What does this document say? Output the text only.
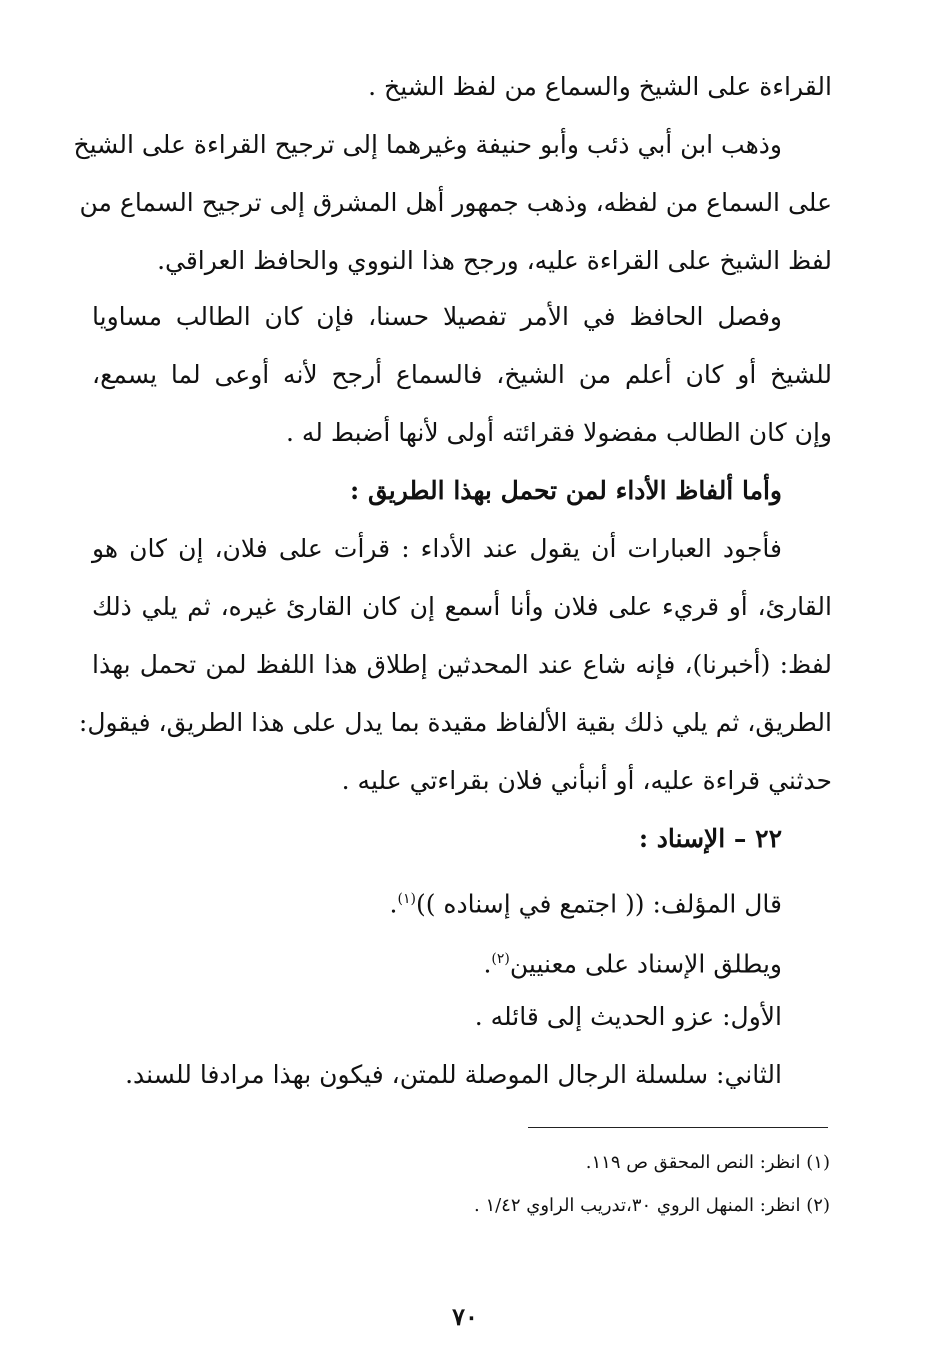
القراءة على الشيخ والسماع من لفظ الشيخ .
وذهب ابن أبي ذئب وأبو حنيفة وغيرهما إلى ترجيح القراءة على الشيخ
على السماع من لفظه، وذهب جمهور أهل المشرق إلى ترجيح السماع من
لفظ الشيخ على القراءة عليه، ورجح هذا النووي والحافظ العراقي.
وفصل الحافظ في الأمر تفصيلا حسنا، فإن كان الطالب مساويا
للشيخ أو كان أعلم من الشيخ، فالسماع أرجح لأنه أوعى لما يسمع،
وإن كان الطالب مفضولا فقرائته أولى لأنها أضبط له .
وأما ألفاظ الأداء لمن تحمل بهذا الطريق :
فأجود العبارات أن يقول عند الأداء : قرأت على فلان، إن كان هو
القارئ، أو قريء على فلان وأنا أسمع إن كان القارئ غيره، ثم يلي ذلك
لفظ: (أخبرنا)، فإنه شاع عند المحدثين إطلاق هذا اللفظ لمن تحمل بهذا
الطريق، ثم يلي ذلك بقية الألفاظ مقيدة بما يدل على هذا الطريق، فيقول:
حدثني قراءة عليه، أو أنبأني فلان بقراءتي عليه .
٢٢ – الإسناد :
قال المؤلف: (( اجتمع في إسناده ))$^{(١)}$.
ويطلق الإسناد على معنيين$^{(٢)}$.
الأول: عزو الحديث إلى قائله .
الثاني: سلسلة الرجال الموصلة للمتن، فيكون بهذا مرادفا للسند.
(١) انظر: النص المحقق ص ١١٩.
(٢) انظر: المنهل الروي ٣٠،تدريب الراوي ١/٤٢ .
٧٠
